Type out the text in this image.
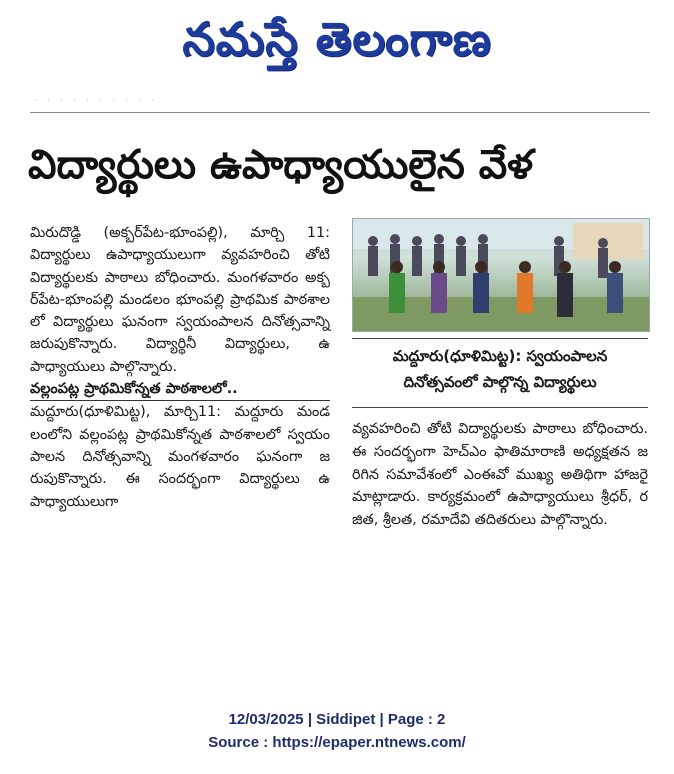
నమస్తే తెలంగాణ
· · · · · · · · · ·
విద్యార్థులు ఉపాధ్యాయులైన వేళ

మిరుదొడ్డి (అక్బర్‌పేట-భూంపల్లి), మార్చి 11: విద్యార్థులు ఉపాధ్యాయులుగా వ్యవహరించి తోటి విద్యార్థులకు పాఠాలు బోధించారు. మంగళవారం అక్బర్‌పేట-భూంపల్లి మండలం భూంపల్లి ప్రాథమిక పాఠశాలలో విద్యార్థులు ఘనంగా స్వయంపాలన దినోత్సవాన్ని జరుపుకొన్నారు. విద్యార్థినీ విద్యార్థులు, ఉపాధ్యాయులు పాల్గొన్నారు.

వల్లంపట్ల ప్రాథమికోన్నత పాఠశాలలో..

మద్దూరు(ధూళిమిట్ట), మార్చి11: మద్దూరు మండలంలోని వల్లంపట్ల ప్రాథమికోన్నత పాఠశాలలో స్వయం పాలన దినోత్సవాన్ని మంగళవారం ఘనంగా జరుపుకొన్నారు. ఈ సందర్భంగా విద్యార్థులు ఉపాధ్యాయులుగా

మద్దూరు(ధూళిమిట్ట): స్వయంపాలన
దినోత్సవంలో పాల్గొన్న విద్యార్థులు

వ్యవహరించి తోటి విద్యార్థులకు పాఠాలు బోధించారు. ఈ సందర్భంగా హెచ్‌ఎం ఫాతిమారాణి అధ్యక్షతన జరిగిన సమావేశంలో ఎంఈవో ముఖ్య అతిథిగా హాజరై మాట్లాడారు. కార్యక్రమంలో ఉపాధ్యాయులు శ్రీధర్, రజిత, శ్రీలత, రమాదేవి తదితరులు పాల్గొన్నారు.

12/03/2025 | Siddipet | Page : 2
Source : https://epaper.ntnews.com/
